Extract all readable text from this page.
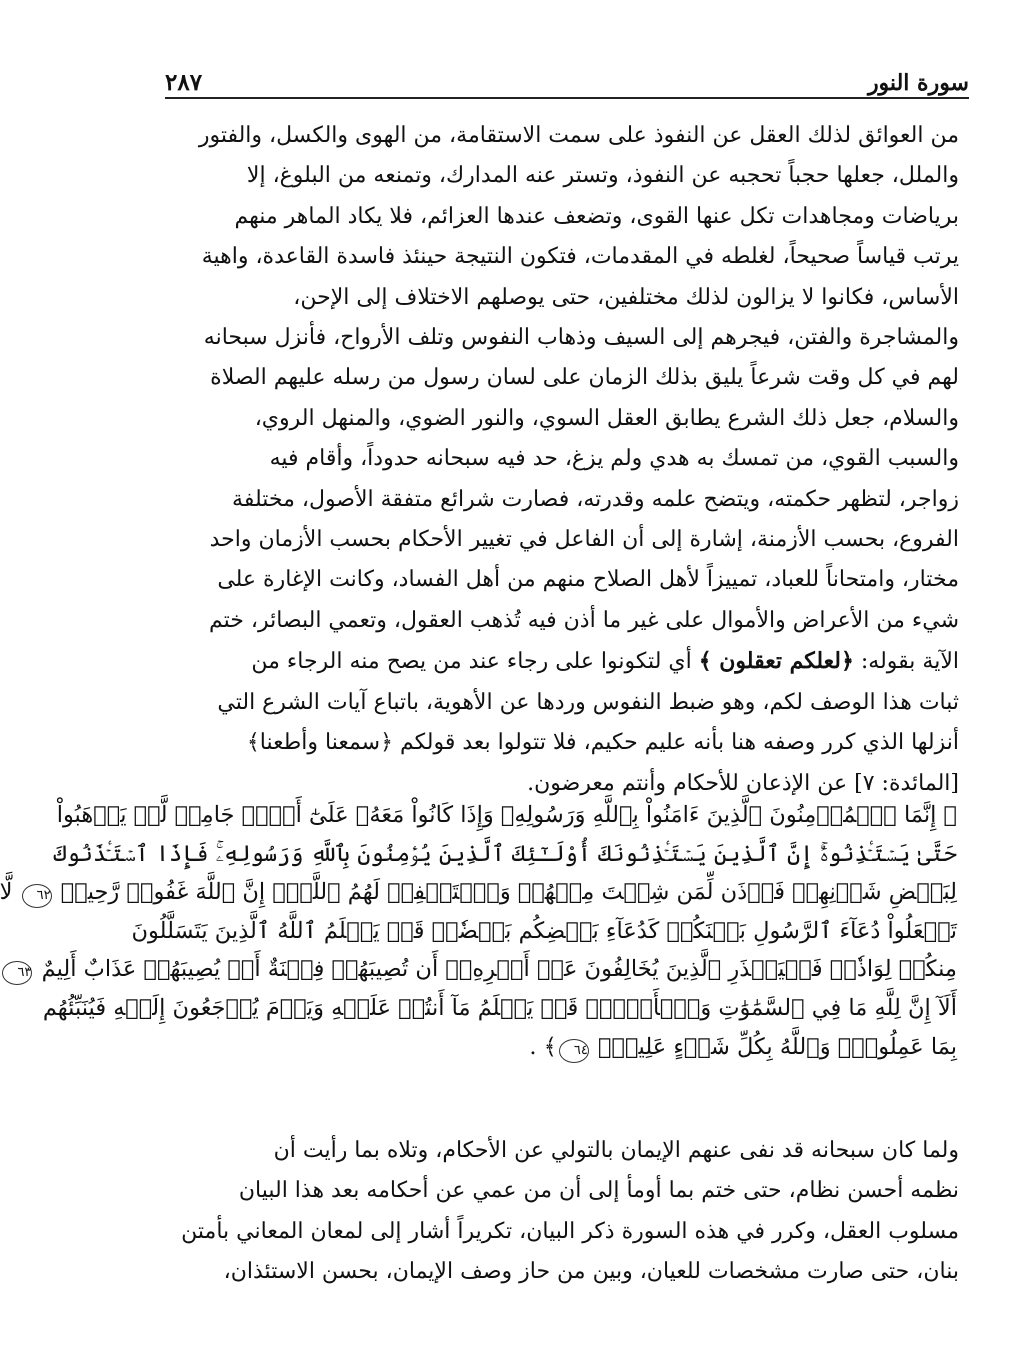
سورة النور
٢٨٧
من العوائق لذلك العقل عن النفوذ على سمت الاستقامة، من الهوى والكسل، والفتور
والملل، جعلها حجباً تحجبه عن النفوذ، وتستر عنه المدارك، وتمنعه من البلوغ، إلا
برياضات ومجاهدات تكل عنها القوى، وتضعف عندها العزائم، فلا يكاد الماهر منهم
يرتب قياساً صحيحاً، لغلطه في المقدمات، فتكون النتيجة حينئذ فاسدة القاعدة، واهية
الأساس، فكانوا لا يزالون لذلك مختلفين، حتى يوصلهم الاختلاف إلى الإحن،
والمشاجرة والفتن، فيجرهم إلى السيف وذهاب النفوس وتلف الأرواح، فأنزل سبحانه
لهم في كل وقت شرعاً يليق بذلك الزمان على لسان رسول من رسله عليهم الصلاة
والسلام، جعل ذلك الشرع يطابق العقل السوي، والنور الضوي، والمنهل الروي،
والسبب القوي، من تمسك به هدي ولم يزغ، حد فيه سبحانه حدوداً، وأقام فيه
زواجر، لتظهر حكمته، ويتضح علمه وقدرته، فصارت شرائع متفقة الأصول، مختلفة
الفروع، بحسب الأزمنة، إشارة إلى أن الفاعل في تغيير الأحكام بحسب الأزمان واحد
مختار، وامتحاناً للعباد، تمييزاً لأهل الصلاح منهم من أهل الفساد، وكانت الإغارة على
شيء من الأعراض والأموال على غير ما أذن فيه تُذهب العقول، وتعمي البصائر، ختم
الآية بقوله: ﴿لعلكم تعقلون ﴾ أي لتكونوا على رجاء عند من يصح منه الرجاء من
ثبات هذا الوصف لكم، وهو ضبط النفوس وردها عن الأهوية، باتباع آيات الشرع التي
أنزلها الذي كرر وصفه هنا بأنه عليم حكيم، فلا تتولوا بعد قولكم ﴿سمعنا وأطعنا﴾
[المائدة: ٧] عن الإذعان للأحكام وأنتم معرضون.
﴿ إِنَّمَا ٱلۡمُؤۡمِنُونَ ٱلَّذِينَ ءَامَنُواْ بِٱللَّهِ وَرَسُولِهِۦ وَإِذَا كَانُواْ مَعَهُۥ عَلَىٰٓ أَمۡرٖ جَامِعٖ لَّمۡ يَذۡهَبُواْ
حَتَّىٰ يَسۡتَـٔۡذِنُوهُۚ إِنَّ ٱلَّذِينَ يَسۡتَـٔۡذِنُونَكَ أُوْلَـٰٓئِكَ ٱلَّذِينَ يُؤۡمِنُونَ بِٱللَّهِ وَرَسُولِهِۦۚ فَإِذَا ٱسۡتَـٔۡذَنُوكَ
لِبَعۡضِ شَأۡنِهِمۡ فَأۡذَن لِّمَن شِئۡتَ مِنۡهُمۡ وَٱسۡتَغۡفِرۡ لَهُمُ ٱللَّهَۚ إِنَّ ٱللَّهَ غَفُورٞ رَّحِيمٞ ٦٢ لَّا
تَجۡعَلُواْ دُعَآءَ ٱلرَّسُولِ بَيۡنَكُمۡ كَدُعَآءِ بَعۡضِكُم بَعۡضٗاۚ قَدۡ يَعۡلَمُ ٱللَّهُ ٱلَّذِينَ يَتَسَلَّلُونَ
مِنكُمۡ لِوَاذٗاۚ فَلۡيَحۡذَرِ ٱلَّذِينَ يُخَالِفُونَ عَنۡ أَمۡرِهِۦٓ أَن تُصِيبَهُمۡ فِتۡنَةٌ أَوۡ يُصِيبَهُمۡ عَذَابٌ أَلِيمٌ ٦٣
أَلَآ إِنَّ لِلَّهِ مَا فِي ٱلسَّمَٰوَٰتِ وَٱلۡأَرۡضِۖ قَدۡ يَعۡلَمُ مَآ أَنتُمۡ عَلَيۡهِ وَيَوۡمَ يُرۡجَعُونَ إِلَيۡهِ فَيُنَبِّئُهُم
بِمَا عَمِلُواْۗ وَٱللَّهُ بِكُلِّ شَيۡءٍ عَلِيمُۢ ٦٤﴾ .
ولما كان سبحانه قد نفى عنهم الإيمان بالتولي عن الأحكام، وتلاه بما رأيت أن
نظمه أحسن نظام، حتى ختم بما أومأ إلى أن من عمي عن أحكامه بعد هذا البيان
مسلوب العقل، وكرر في هذه السورة ذكر البيان، تكريراً أشار إلى لمعان المعاني بأمتن
بنان، حتى صارت مشخصات للعيان، وبين من حاز وصف الإيمان، بحسن الاستئذان،
